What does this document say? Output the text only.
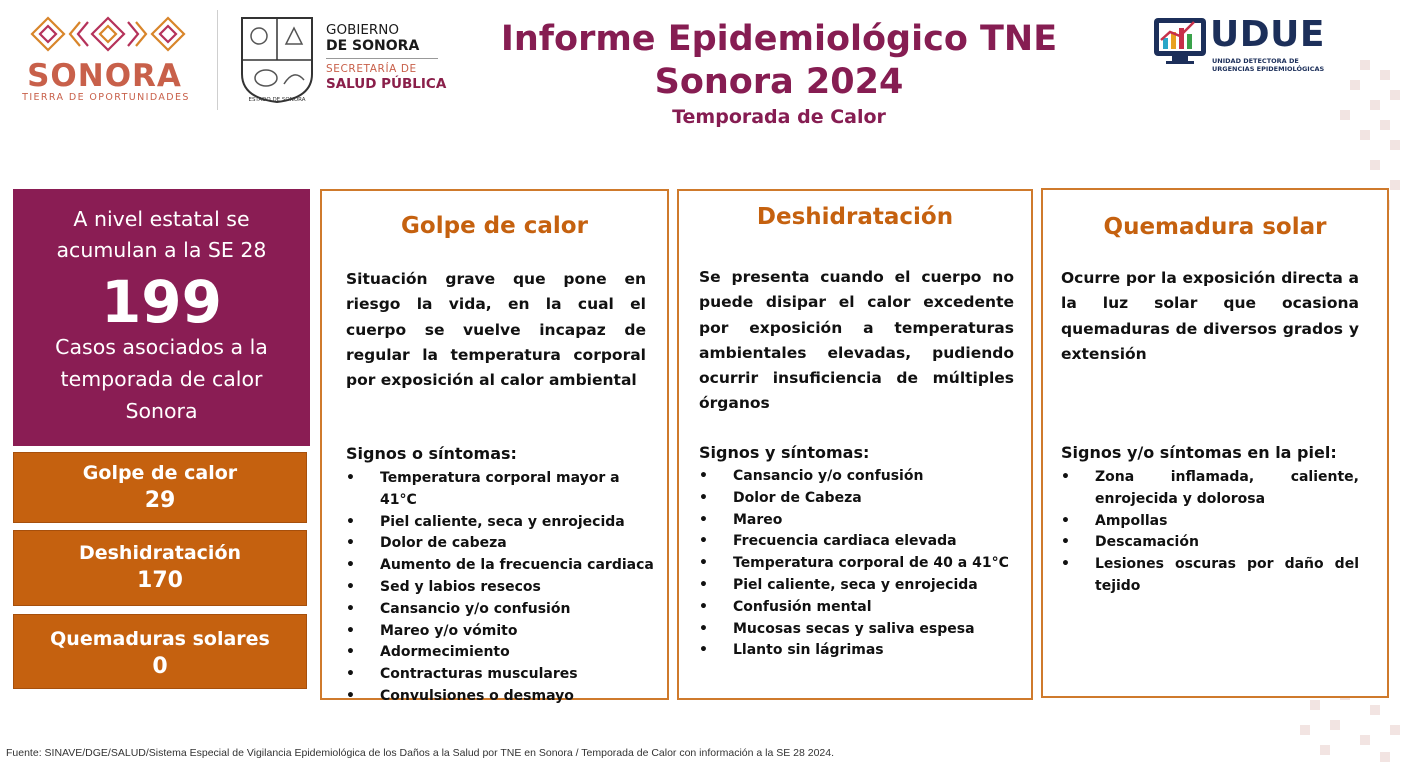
SONORA
TIERRA DE OPORTUNIDADES	ESTADO DE SONORA
GOBIERNO
DE SONORA
SECRETARÍA DE
SALUD PÚBLICA
Informe Epidemiológico TNE
Sonora 2024
Temporada de Calor
UDUE
UNIDAD DETECTORA DE
URGENCIAS EPIDEMIOLÓGICAS
A nivel estatal se
acumulan a la SE 28
199
Casos asociados a la
temporada de calor
Sonora
Golpe de calor
29
Deshidratación
170
Quemaduras solares
0
Golpe de calor

Situación grave que pone en riesgo la vida, en la cual el cuerpo se vuelve incapaz de regular la temperatura corporal por exposición al calor ambiental

Signos o síntomas:
• Temperatura corporal mayor a 41°C
• Piel caliente, seca y enrojecida
• Dolor de cabeza
• Aumento de la frecuencia cardiaca
• Sed y labios resecos
• Cansancio y/o confusión
• Mareo y/o vómito
• Adormecimiento
• Contracturas musculares
• Convulsiones o desmayo
Deshidratación

Se presenta cuando el cuerpo no puede disipar el calor excedente por exposición a temperaturas ambientales elevadas, pudiendo ocurrir insuficiencia de múltiples órganos

Signos y síntomas:
• Cansancio y/o confusión
• Dolor de Cabeza
• Mareo
• Frecuencia cardiaca elevada
• Temperatura corporal de 40 a 41°C
• Piel caliente, seca y enrojecida
• Confusión mental
• Mucosas secas y saliva espesa
• Llanto sin lágrimas
Quemadura solar

Ocurre por la exposición directa a la luz solar que ocasiona quemaduras de diversos grados y extensión

Signos y/o síntomas en la piel:
• Zona inflamada, caliente, enrojecida y dolorosa
• Ampollas
• Descamación
• Lesiones oscuras por daño del tejido
Fuente: SINAVE/DGE/SALUD/Sistema Especial de Vigilancia Epidemiológica de los Daños a la Salud por TNE en Sonora / Temporada de Calor con información a la SE 28 2024.
